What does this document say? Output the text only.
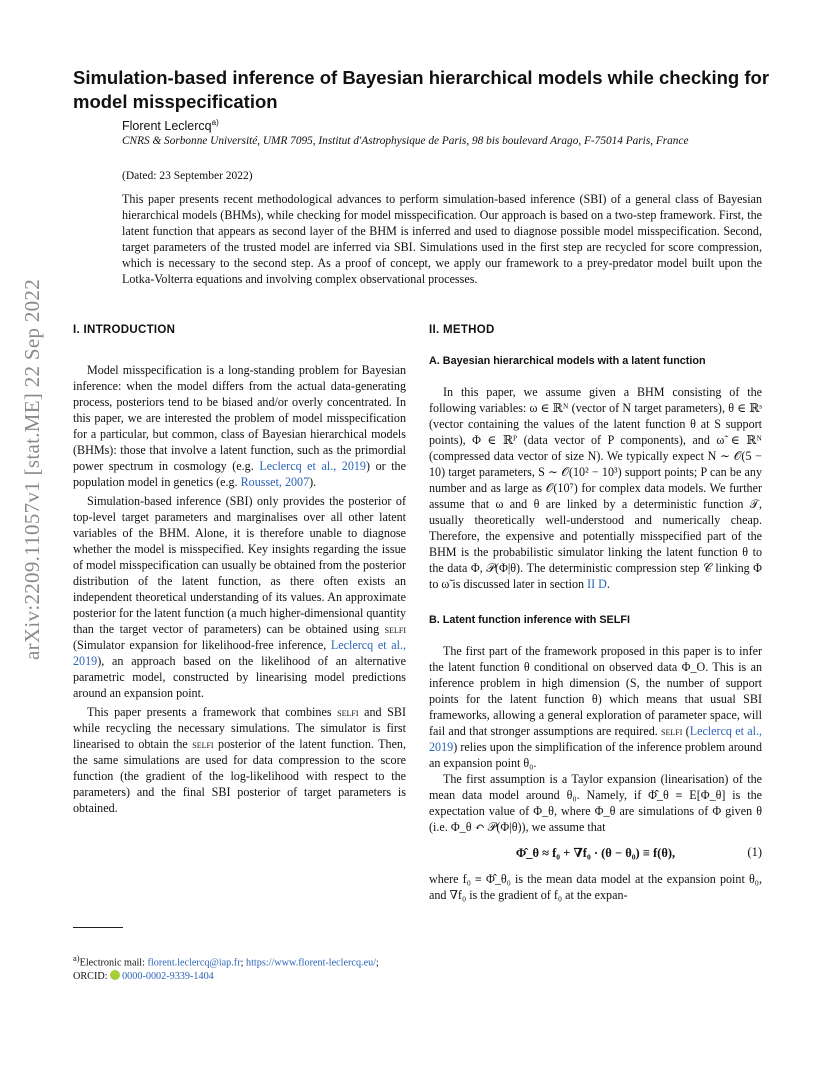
arXiv:2209.11057v1 [stat.ME] 22 Sep 2022
Simulation-based inference of Bayesian hierarchical models while checking for model misspecification
Florent Leclercq$^{a)}$
CNRS & Sorbonne Université, UMR 7095, Institut d'Astrophysique de Paris, 98 bis boulevard Arago, F-75014 Paris, France
(Dated: 23 September 2022)

This paper presents recent methodological advances to perform simulation-based inference (SBI) of a general class of Bayesian hierarchical models (BHMs), while checking for model misspecification. Our approach is based on a two-step framework. First, the latent function that appears as second layer of the BHM is inferred and used to diagnose possible model misspecification. Second, target parameters of the trusted model are inferred via SBI. Simulations used in the first step are recycled for score compression, which is necessary to the second step. As a proof of concept, we apply our framework to a prey-predator model built upon the Lotka-Volterra equations and involving complex observational processes.

I. INTRODUCTION

Model misspecification is a long-standing problem for Bayesian inference: when the model differs from the actual data-generating process, posteriors tend to be biased and/or overly concentrated. In this paper, we are interested the problem of model misspecification for a particular, but common, class of Bayesian hierarchical models (BHMs): those that involve a latent function, such as the primordial power spectrum in cosmology (e.g. Leclercq et al., 2019) or the population model in genetics (e.g. Rousset, 2007).

Simulation-based inference (SBI) only provides the posterior of top-level target parameters and marginalises over all other latent variables of the BHM. Alone, it is therefore unable to diagnose whether the model is misspecified. Key insights regarding the issue of model misspecification can usually be obtained from the posterior distribution of the latent function, as there often exists an independent theoretical understanding of its values. An approximate posterior for the latent function (a much higher-dimensional quantity than the target vector of parameters) can be obtained using selfi (Simulator expansion for likelihood-free inference, Leclercq et al., 2019), an approach based on the likelihood of an alternative parametric model, constructed by linearising model predictions around an expansion point.

This paper presents a framework that combines selfi and SBI while recycling the necessary simulations. The simulator is first linearised to obtain the selfi posterior of the latent function. Then, the same simulations are used for data compression to the score function (the gradient of the log-likelihood with respect to the parameters) and the final SBI posterior of target parameters is obtained.

$^{a)}$Electronic mail: florent.leclercq@iap.fr; https://www.florent-leclercq.eu/; ORCID: 0000-0002-9339-1404

II. METHOD
A. Bayesian hierarchical models with a latent function

In this paper, we assume given a BHM consisting of the following variables: ω ∈ ℝᴺ (vector of N target parameters), θ ∈ ℝˢ (vector containing the values of the latent function θ at S support points), Φ ∈ ℝᴾ (data vector of P components), and ω̃ ∈ ℝᴺ (compressed data vector of size N). We typically expect N ∼ 𝒪(5 − 10) target parameters, S ∼ 𝒪(10² − 10³) support points; P can be any number and as large as 𝒪(10⁷) for complex data models. We further assume that ω and θ are linked by a deterministic function 𝒯, usually theoretically well-understood and numerically cheap. Therefore, the expensive and potentially misspecified part of the BHM is the probabilistic simulator linking the latent function θ to the data Φ, 𝒫(Φ|θ). The deterministic compression step 𝒞 linking Φ to ω̃ is discussed later in section II D.

B. Latent function inference with SELFI

The first part of the framework proposed in this paper is to infer the latent function θ conditional on observed data Φ_O. This is an inference problem in high dimension (S, the number of support points for the latent function θ) which means that usual SBI frameworks, allowing a general exploration of parameter space, will fail and that stronger assumptions are required. selfi (Leclercq et al., 2019) relies upon the simplification of the inference problem around an expansion point θ₀.

The first assumption is a Taylor expansion (linearisation) of the mean data model around θ₀. Namely, if Φ̂_θ ≡ E[Φ_θ] is the expectation value of Φ_θ, where Φ_θ are simulations of Φ given θ (i.e. Φ_θ ↶ 𝒫(Φ|θ)), we assume that

Φ̂_θ ≈ f₀ + ∇f₀ · (θ − θ₀) ≡ f(θ),	(1)

where f₀ ≡ Φ̂_θ₀ is the mean data model at the expansion point θ₀, and ∇f₀ is the gradient of f₀ at the expan-
